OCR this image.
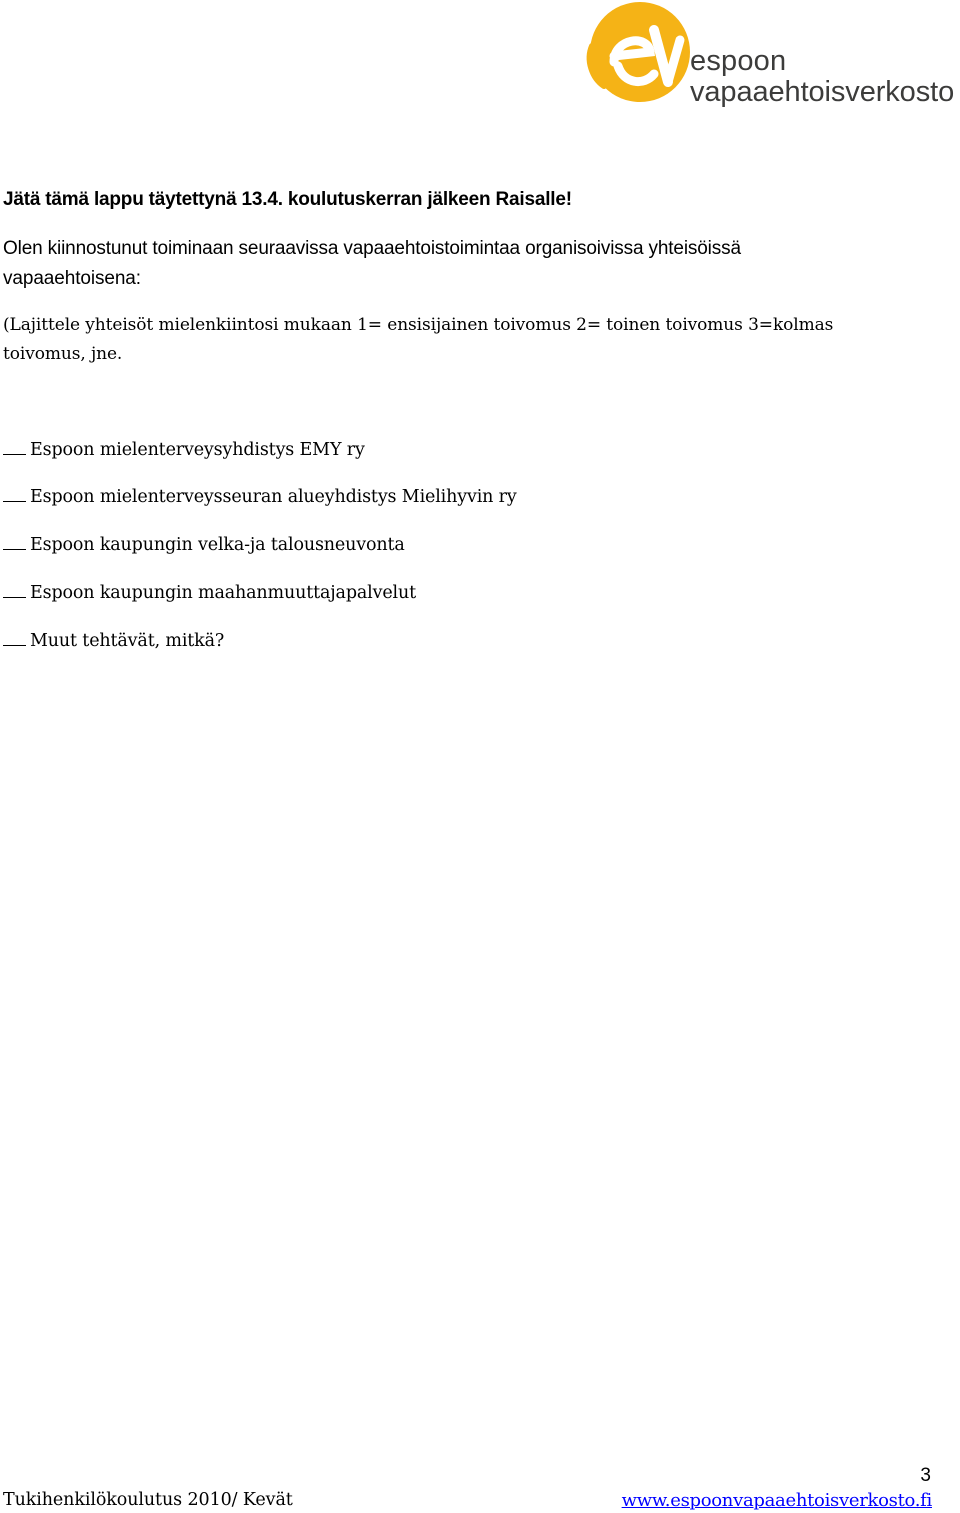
espoon
vapaaehtoisverkosto
Jätä tämä lappu täytettynä 13.4. koulutuskerran jälkeen Raisalle!
Olen kiinnostunut toiminaan seuraavissa vapaaehtoistoimintaa organisoivissa yhteisöissä
vapaaehtoisena:
(Lajittele yhteisöt mielenkiintosi mukaan 1= ensisijainen toivomus 2= toinen toivomus 3=kolmas
toivomus, jne.
Espoon mielenterveysyhdistys EMY ry
Espoon mielenterveysseuran alueyhdistys Mielihyvin ry
Espoon kaupungin velka-ja talousneuvonta
Espoon kaupungin maahanmuuttajapalvelut
Muut tehtävät, mitkä?
3
Tukihenkilökoulutus 2010/ Kevät	www.espoonvapaaehtoisverkosto.fi
